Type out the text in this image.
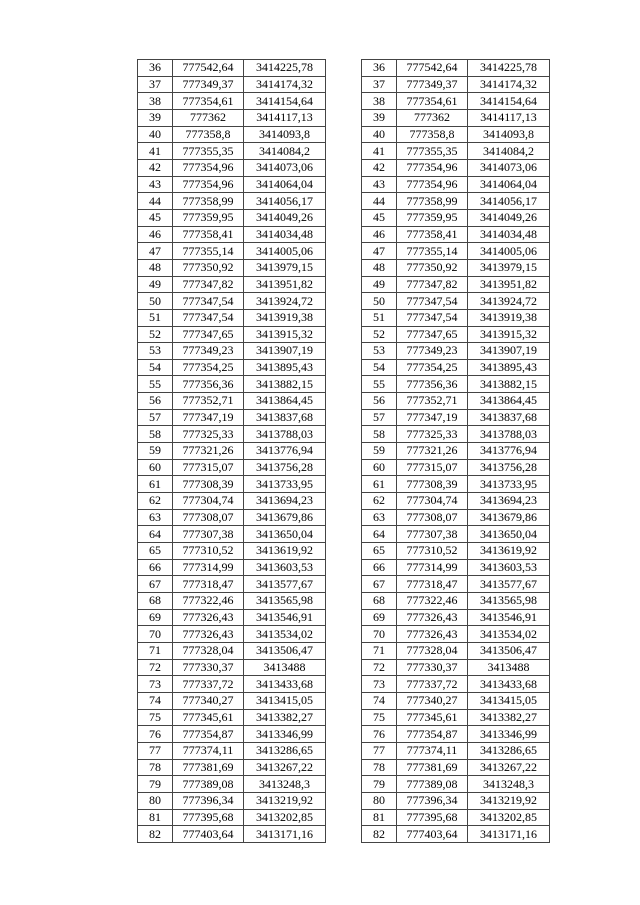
36	777542,64	3414225,78
37	777349,37	3414174,32
38	777354,61	3414154,64
39	777362	3414117,13
40	777358,8	3414093,8
41	777355,35	3414084,2
42	777354,96	3414073,06
43	777354,96	3414064,04
44	777358,99	3414056,17
45	777359,95	3414049,26
46	777358,41	3414034,48
47	777355,14	3414005,06
48	777350,92	3413979,15
49	777347,82	3413951,82
50	777347,54	3413924,72
51	777347,54	3413919,38
52	777347,65	3413915,32
53	777349,23	3413907,19
54	777354,25	3413895,43
55	777356,36	3413882,15
56	777352,71	3413864,45
57	777347,19	3413837,68
58	777325,33	3413788,03
59	777321,26	3413776,94
60	777315,07	3413756,28
61	777308,39	3413733,95
62	777304,74	3413694,23
63	777308,07	3413679,86
64	777307,38	3413650,04
65	777310,52	3413619,92
66	777314,99	3413603,53
67	777318,47	3413577,67
68	777322,46	3413565,98
69	777326,43	3413546,91
70	777326,43	3413534,02
71	777328,04	3413506,47
72	777330,37	3413488
73	777337,72	3413433,68
74	777340,27	3413415,05
75	777345,61	3413382,27
76	777354,87	3413346,99
77	777374,11	3413286,65
78	777381,69	3413267,22
79	777389,08	3413248,3
80	777396,34	3413219,92
81	777395,68	3413202,85
82	777403,64	3413171,16
36	777542,64	3414225,78
37	777349,37	3414174,32
38	777354,61	3414154,64
39	777362	3414117,13
40	777358,8	3414093,8
41	777355,35	3414084,2
42	777354,96	3414073,06
43	777354,96	3414064,04
44	777358,99	3414056,17
45	777359,95	3414049,26
46	777358,41	3414034,48
47	777355,14	3414005,06
48	777350,92	3413979,15
49	777347,82	3413951,82
50	777347,54	3413924,72
51	777347,54	3413919,38
52	777347,65	3413915,32
53	777349,23	3413907,19
54	777354,25	3413895,43
55	777356,36	3413882,15
56	777352,71	3413864,45
57	777347,19	3413837,68
58	777325,33	3413788,03
59	777321,26	3413776,94
60	777315,07	3413756,28
61	777308,39	3413733,95
62	777304,74	3413694,23
63	777308,07	3413679,86
64	777307,38	3413650,04
65	777310,52	3413619,92
66	777314,99	3413603,53
67	777318,47	3413577,67
68	777322,46	3413565,98
69	777326,43	3413546,91
70	777326,43	3413534,02
71	777328,04	3413506,47
72	777330,37	3413488
73	777337,72	3413433,68
74	777340,27	3413415,05
75	777345,61	3413382,27
76	777354,87	3413346,99
77	777374,11	3413286,65
78	777381,69	3413267,22
79	777389,08	3413248,3
80	777396,34	3413219,92
81	777395,68	3413202,85
82	777403,64	3413171,16
